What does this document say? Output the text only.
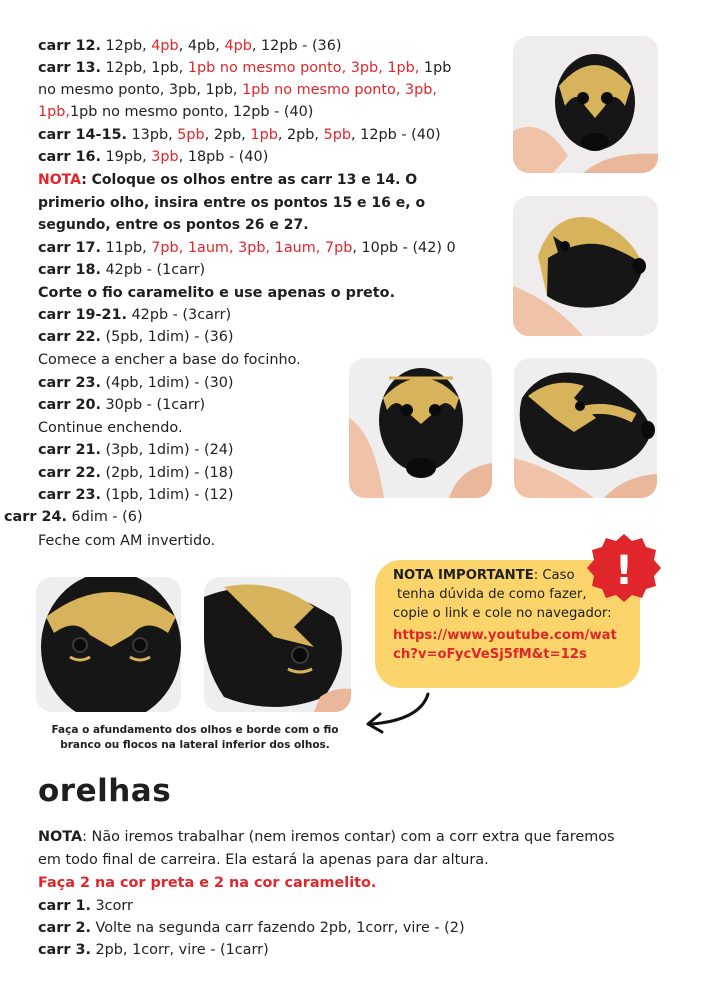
carr 12. 12pb, 4pb, 4pb, 4pb, 12pb - (36)
carr 13. 12pb, 1pb, 1pb no mesmo ponto, 3pb, 1pb, 1pb
no mesmo ponto, 3pb, 1pb, 1pb no mesmo ponto, 3pb,
1pb,1pb no mesmo ponto, 12pb - (40)
carr 14-15. 13pb, 5pb, 2pb, 1pb, 2pb, 5pb, 12pb - (40)
carr 16. 19pb, 3pb, 18pb - (40)
NOTA: Coloque os olhos entre as carr 13 e 14. O
primerio olho, insira entre os pontos 15 e 16 e, o
segundo, entre os pontos 26 e 27.
carr 17. 11pb, 7pb, 1aum, 3pb, 1aum, 7pb, 10pb - (42) 0
carr 18. 42pb - (1carr)
Corte o fio caramelito e use apenas o preto.
carr 19-21. 42pb - (3carr)
carr 22. (5pb, 1dim) - (36)
Comece a encher a base do focinho.
carr 23. (4pb, 1dim) - (30)
carr 20. 30pb - (1carr)
Continue enchendo.
carr 21. (3pb, 1dim) - (24)
carr 22. (2pb, 1dim) - (18)
carr 23. (1pb, 1dim) - (12)
carr 24. 6dim - (6)
Feche com AM invertido.
Faça o afundamento dos olhos e borde com o fio
branco ou flocos na lateral inferior dos olhos.
NOTA IMPORTANTE: Caso
tenha dúvida de como fazer,
copie o link e cole no navegador:
https://www.youtube.com/wat
ch?v=oFycVeSj5fM&t=12s
!
orelhas
NOTA: Não iremos trabalhar (nem iremos contar) com a corr extra que faremos
em todo final de carreira. Ela estará la apenas para dar altura.
Faça 2 na cor preta e 2 na cor caramelito.
carr 1. 3corr
carr 2. Volte na segunda carr fazendo 2pb, 1corr, vire - (2)
carr 3. 2pb, 1corr, vire - (1carr)
